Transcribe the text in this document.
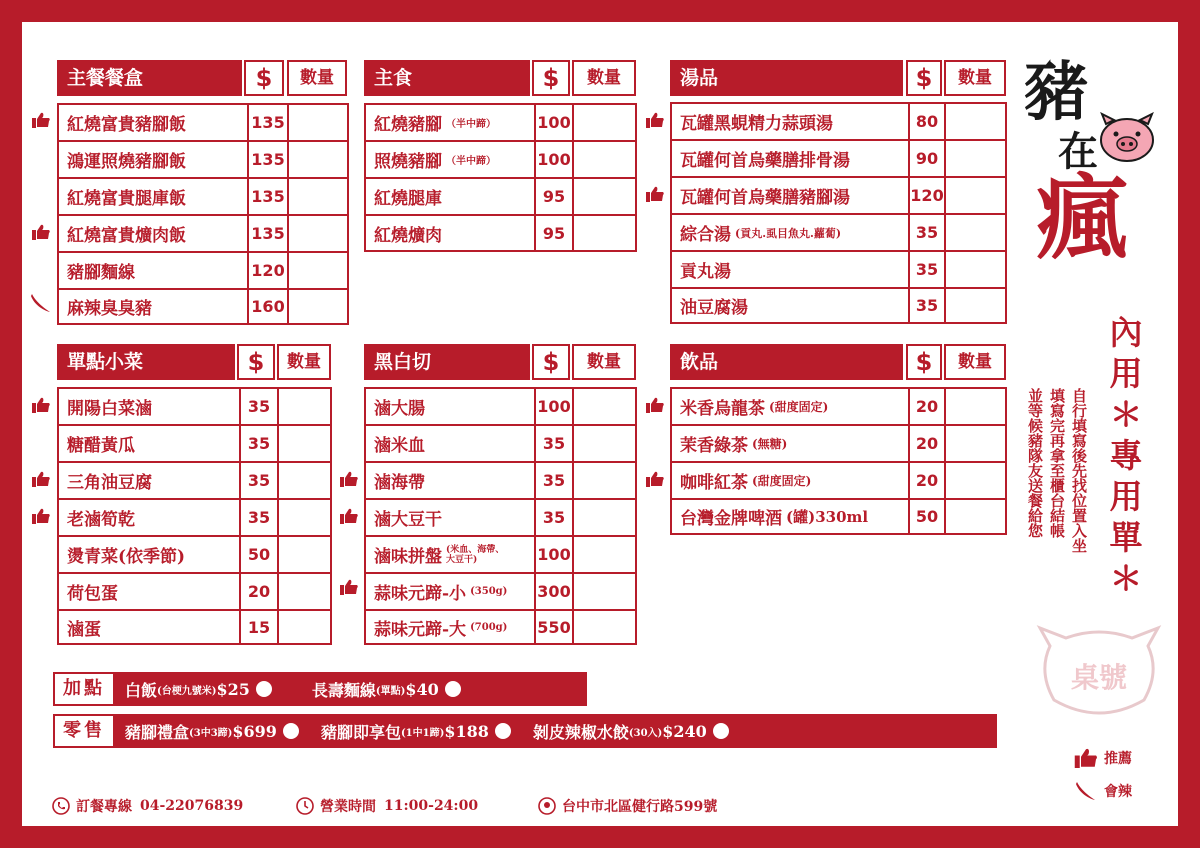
主餐餐盒	$	數量
紅燒富貴豬腳飯	135
鴻運照燒豬腳飯	135
紅燒富貴腿庫飯	135
紅燒富貴爌肉飯	135
豬腳麵線	120
麻辣臭臭豬	160
主食	$	數量
紅燒豬腳 （半中蹄）	100
照燒豬腳 （半中蹄）	100
紅燒腿庫	95
紅燒爌肉	95
湯品	$	數量
瓦罐黑蜆精力蒜頭湯	80
瓦罐何首烏藥膳排骨湯	90
瓦罐何首烏藥膳豬腳湯	120
綜合湯 (貢丸.虱目魚丸.蘿蔔)	35
貢丸湯	35
油豆腐湯	35
單點小菜	$	數量
開陽白菜滷	35
糖醋黃瓜	35
三角油豆腐	35
老滷筍乾	35
燙青菜(依季節)	50
荷包蛋	20
滷蛋	15
黑白切	$	數量
滷大腸	100
滷米血	35
滷海帶	35
滷大豆干	35
滷味拼盤 (米血、海帶、大豆干)	100
蒜味元蹄-小 (350g) 300
蒜味元蹄-大 (700g) 550
飲品	$	數量
米香烏龍茶 (甜度固定)	20
茉香綠茶 (無糖)	20
咖啡紅茶 (甜度固定)	20
台灣金牌啤酒 (罐)330ml	50
加點	白飯 (台梗九號米) $25	長壽麵線 (單點) $40
零售	豬腳禮盒 (3中3蹄) $699	豬腳即享包 (1中1蹄) $188	剝皮辣椒水餃 (30入) $240
豬
在
瘋
內用＊專用單＊
自行填寫後先找位置入坐
填寫完再拿至櫃台結帳
並等候豬隊友送餐給您
桌號
推薦
會辣
訂餐專線 04-22076839	營業時間 11:00-24:00	台中市北區健行路599號
